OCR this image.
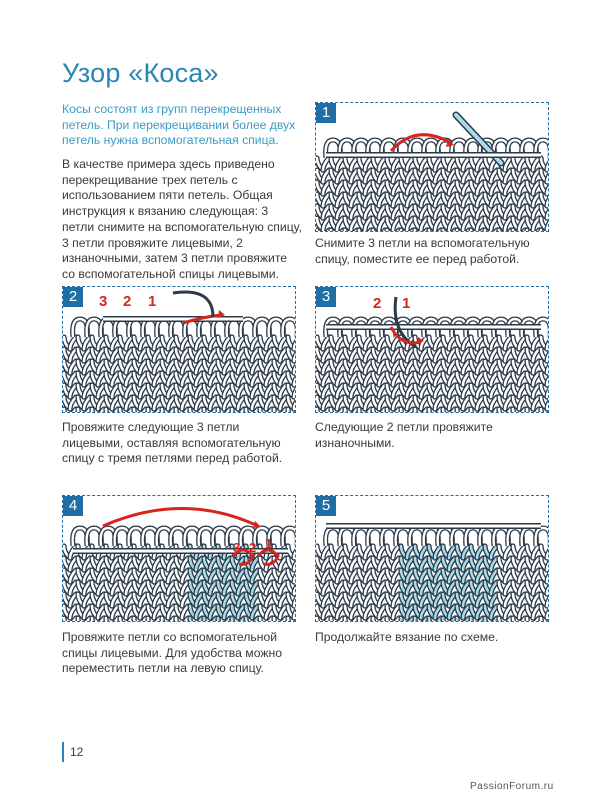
Узор «Коса»

Косы состоят из групп перекрещенных петель. При перекрещивании более двух петель нужна вспомогательная спица.

В качестве примера здесь приведено перекрещивание трех петель с использованием пяти петель. Общая инструкция к вязанию следующая: 3 петли снимите на вспомогательную спицу, 3 петли провяжите лицевыми, 2 изнаночными, затем 3 петли провяжите со вспомогательной спицы лицевыми.

1

Снимите 3 петли на вспомогательную спицу, поместите ее перед работой.

2	3 2 1

Провяжите следующие 3 петли лицевыми, оставляя вспомогательную спицу с тремя петлями перед работой.

3	2 1

Следующие 2 петли провяжите изнаночными.

4
3 2 1

Провяжите петли со вспомогательной спицы лицевыми. Для удобства можно переместить петли на левую спицу.

5

Продолжайте вязание по схеме.

12
PassionForum.ru
